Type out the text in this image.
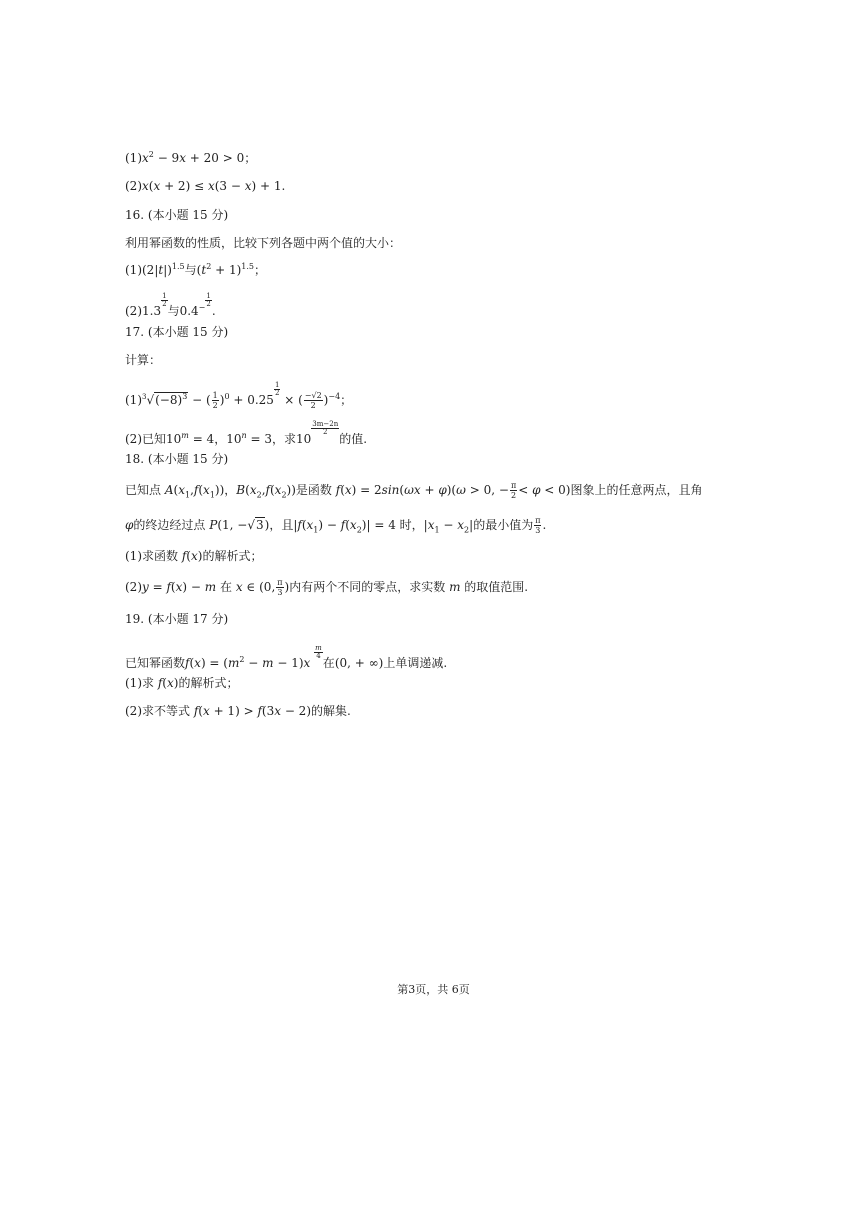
$(1)x^2 - 9x + 20 > 0$；
(2)x(x + 2) ≤ x(3 − x) + 1.
16. (本小题 15 分)
利用幂函数的性质，比较下列各题中两个值的大小：
$(1)(2|t|)^{1.5}$与$(t^2 + 1)^{1.5}$；
(2)1.3
$\frac{1}{2}$
与$0.4^- \frac{1}{2}$
.
17. (本小题 15 分)
计算：
$(1)^3√(-8)^3$ − ( $\frac{1}{2} )^0 + 0.25$
$\frac{1}{2}$
× ( $\frac{-√2}{2} )^{-4}$；
(2)已知$10^m = 4$，$10^n = 3$，求10
$\frac{3m-2n}{2}$
的值.
18. (本小题 15 分)
已知点 $A(x_1,f(x_1))$，$B(x_2,f(x_2))$是函数 f(x) = 2sin(ωx + φ)(ω > 0, − $\frac{\pi}{2} < \varphi < 0$)图象上的任意两点，且角
φ的终边经过点 P(1, −√3)，且$|f(x_1) - f(x_2)| = 4$ 时，$|x_1 - x_2|$的最小值为 $\frac{\pi}{3}$ .
(1)求函数 f(x)的解析式；
(2)y = f(x) − m 在 x ∈ (0, $\frac{\pi}{3}$ )内有两个不同的零点，求实数 m 的取值范围.
19. (本小题 17 分)
已知幂函数$f(x) = (m^2 - m - 1)x$
$\frac{m}{4}$
在(0, + ∞)上单调递减.
(1)求 f(x)的解析式；
(2)求不等式 f(x + 1) > f(3x − 2)的解集.
第3页，共 6页
